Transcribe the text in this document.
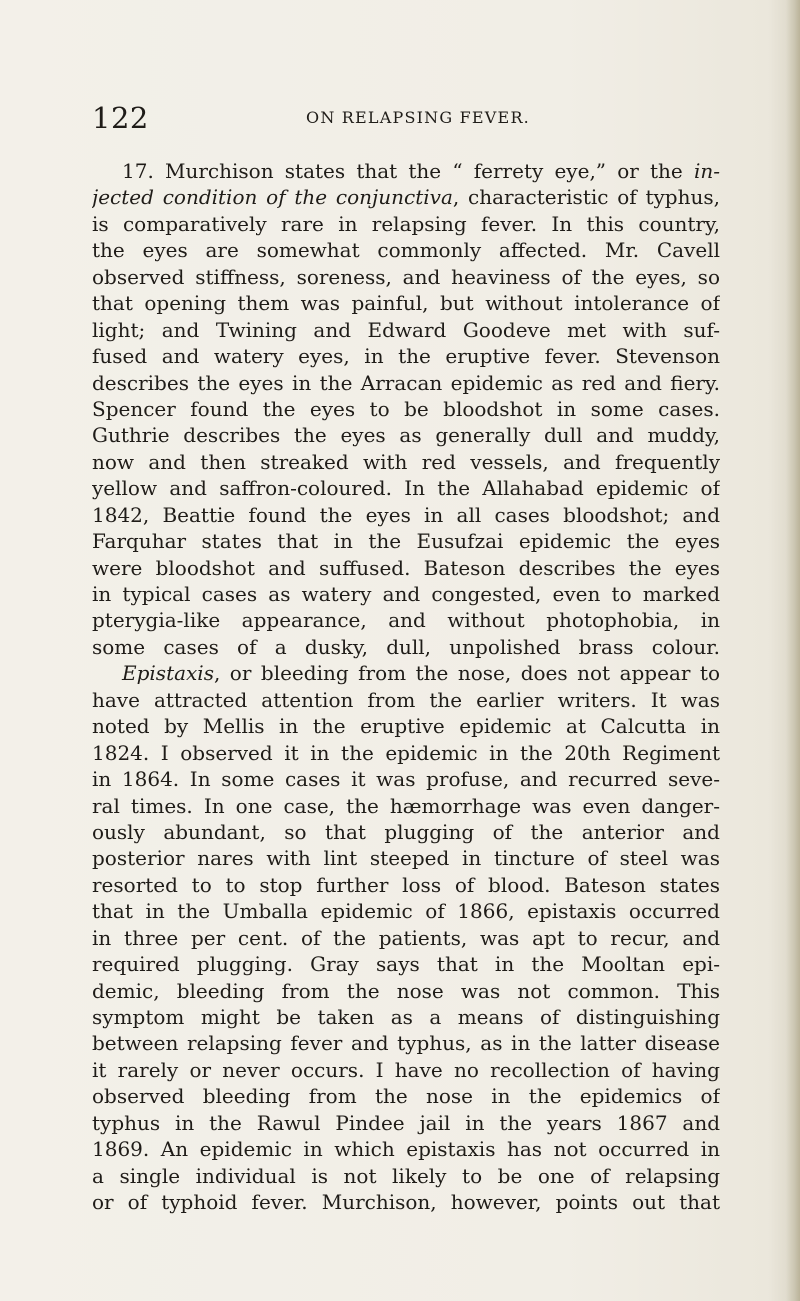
122	ON RELAPSING FEVER.
17. Murchison states that the “ ferrety eye,” or the in-
jected condition of the conjunctiva, characteristic of typhus,
is comparatively rare in relapsing fever. In this country,
the eyes are somewhat commonly affected. Mr. Cavell
observed stiffness, soreness, and heaviness of the eyes, so
that opening them was painful, but without intolerance of
light; and Twining and Edward Goodeve met with suf-
fused and watery eyes, in the eruptive fever. Stevenson
describes the eyes in the Arracan epidemic as red and fiery.
Spencer found the eyes to be bloodshot in some cases.
Guthrie describes the eyes as generally dull and muddy,
now and then streaked with red vessels, and frequently
yellow and saffron-coloured. In the Allahabad epidemic of
1842, Beattie found the eyes in all cases bloodshot; and
Farquhar states that in the Eusufzai epidemic the eyes
were bloodshot and suffused. Bateson describes the eyes
in typical cases as watery and congested, even to marked
pterygia-like appearance, and without photophobia, in
some cases of a dusky, dull, unpolished brass colour.
Epistaxis, or bleeding from the nose, does not appear to
have attracted attention from the earlier writers. It was
noted by Mellis in the eruptive epidemic at Calcutta in
1824. I observed it in the epidemic in the 20th Regiment
in 1864. In some cases it was profuse, and recurred seve-
ral times. In one case, the hæmorrhage was even danger-
ously abundant, so that plugging of the anterior and
posterior nares with lint steeped in tincture of steel was
resorted to to stop further loss of blood. Bateson states
that in the Umballa epidemic of 1866, epistaxis occurred
in three per cent. of the patients, was apt to recur, and
required plugging. Gray says that in the Mooltan epi-
demic, bleeding from the nose was not common. This
symptom might be taken as a means of distinguishing
between relapsing fever and typhus, as in the latter disease
it rarely or never occurs. I have no recollection of having
observed bleeding from the nose in the epidemics of
typhus in the Rawul Pindee jail in the years 1867 and
1869. An epidemic in which epistaxis has not occurred in
a single individual is not likely to be one of relapsing
or of typhoid fever. Murchison, however, points out that
